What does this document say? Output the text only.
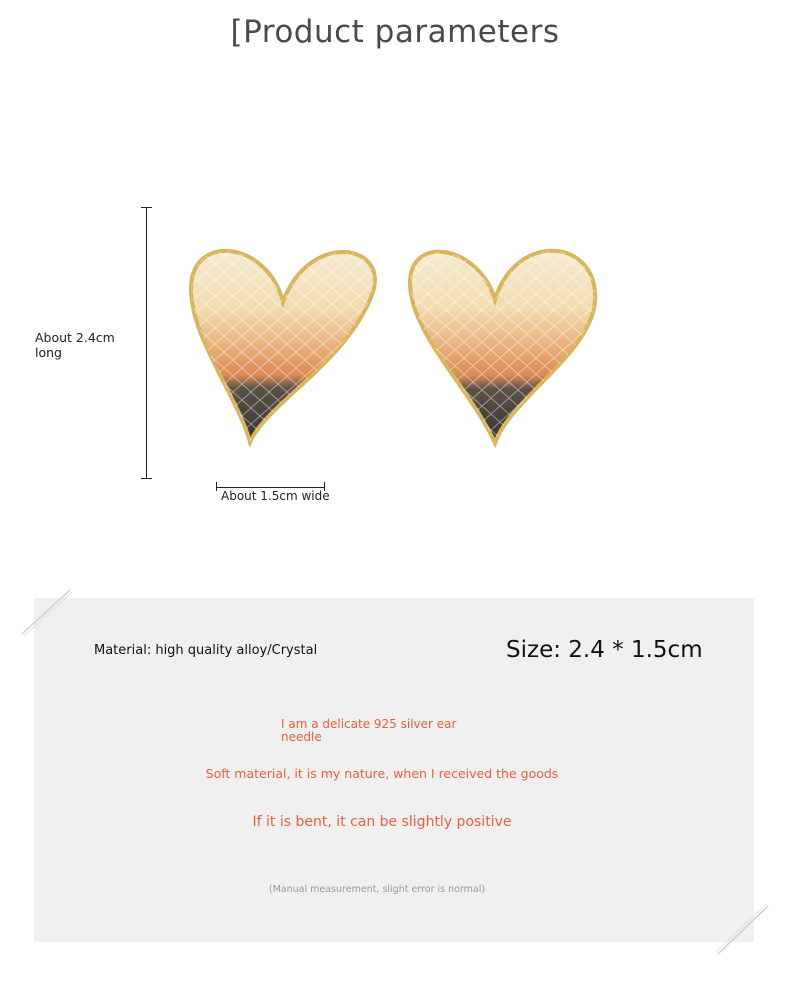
[Product parameters
About 2.4cm long
About 1.5cm wide
Material: high quality alloy/Crystal	Size: 2.4 * 1.5cm
I am a delicate 925 silver ear needle
Soft material, it is my nature, when I received the goods
If it is bent, it can be slightly positive
(Manual measurement, slight error is normal)
